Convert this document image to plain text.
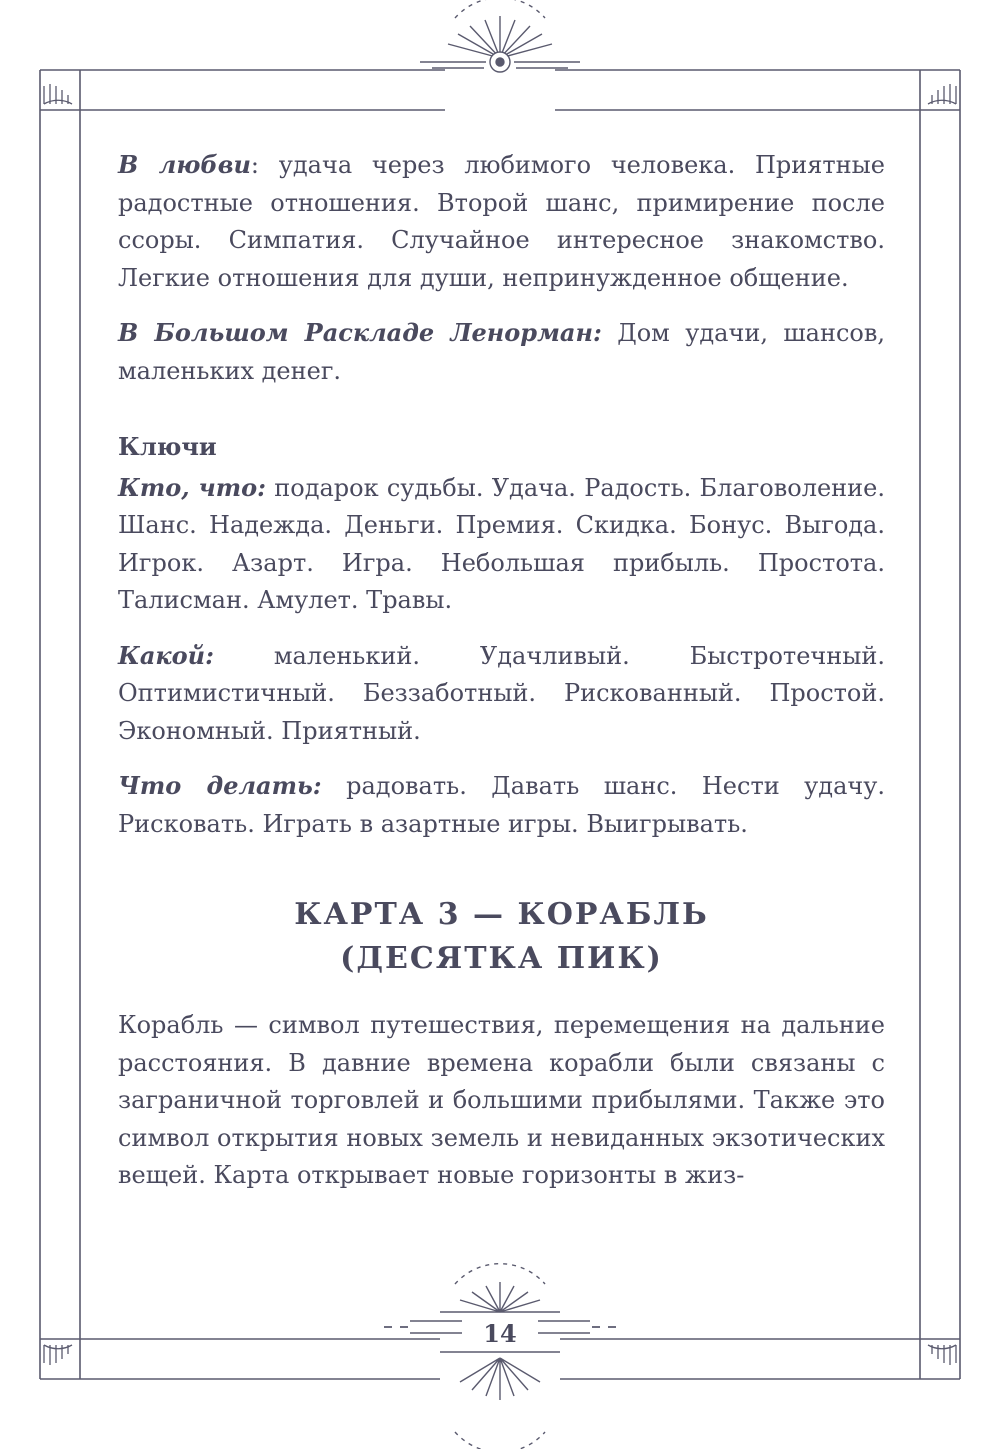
В любви: удача через любимого человека. Приятные радостные отношения. Второй шанс, примирение после ссоры. Симпатия. Случайное интересное знакомство. Легкие отношения для души, непринужденное общение.

В Большом Раскладе Ленорман: Дом удачи, шансов, маленьких денег.

Ключи

Кто, что: подарок судьбы. Удача. Радость. Благоволение. Шанс. Надежда. Деньги. Премия. Скидка. Бонус. Выгода. Игрок. Азарт. Игра. Небольшая прибыль. Простота. Талисман. Амулет. Травы.

Какой: маленький. Удачливый. Быстротечный. Оптимистичный. Беззаботный. Рискованный. Простой. Экономный. Приятный.

Что делать: радовать. Давать шанс. Нести удачу. Рисковать. Играть в азартные игры. Выигрывать.

КАРТА 3 — КОРАБЛЬ
(ДЕСЯТКА ПИК)

Корабль — символ путешествия, перемещения на дальние расстояния. В давние времена корабли были связаны с заграничной торговлей и большими прибылями. Также это символ открытия новых земель и невиданных экзотических вещей. Карта открывает новые горизонты в жиз-

14
